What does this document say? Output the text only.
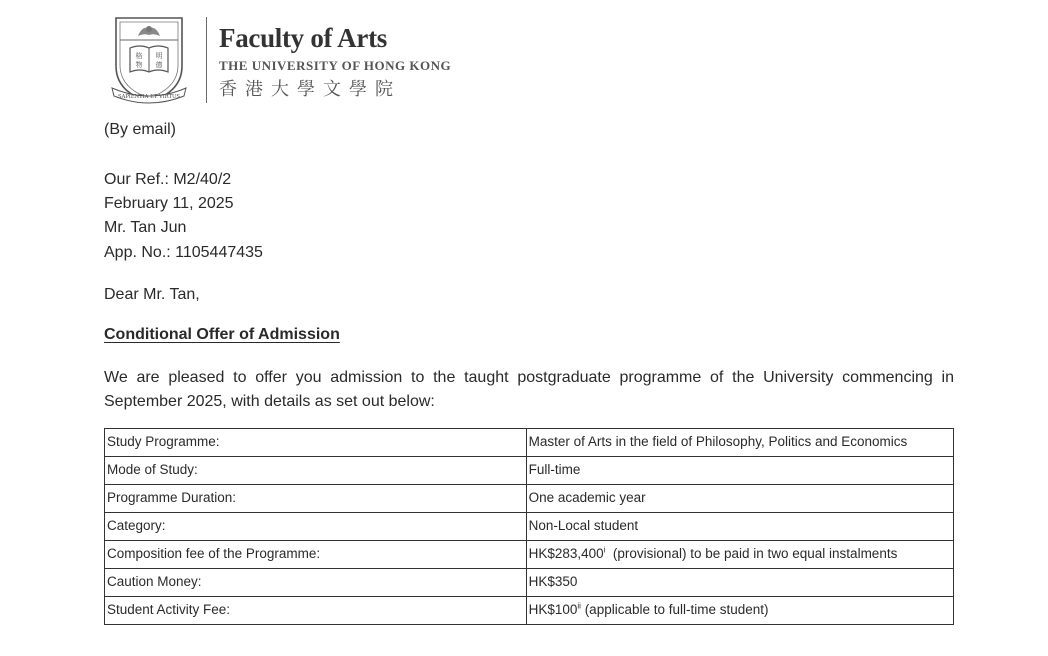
格 明
物 德
SAPIENTIA ET VIRTUS
Faculty of Arts
THE UNIVERSITY OF HONG KONG
香港大學文學院
(By email)
Our Ref.: M2/40/2
February 11, 2025
Mr. Tan Jun
App. No.: 1105447435
Dear Mr. Tan,
Conditional Offer of Admission
We are pleased to offer you admission to the taught postgraduate programme of the University commencing in September 2025, with details as set out below:
Study Programme:	Master of Arts in the field of Philosophy, Politics and Economics
Mode of Study:	Full-time
Programme Duration:	One academic year
Category:	Non-Local student
Composition fee of the Programme:	HK$283,400$^i$  (provisional) to be paid in two equal instalments
Caution Money:	HK$350
Student Activity Fee:	HK$100$^{ii}$ (applicable to full-time student)
